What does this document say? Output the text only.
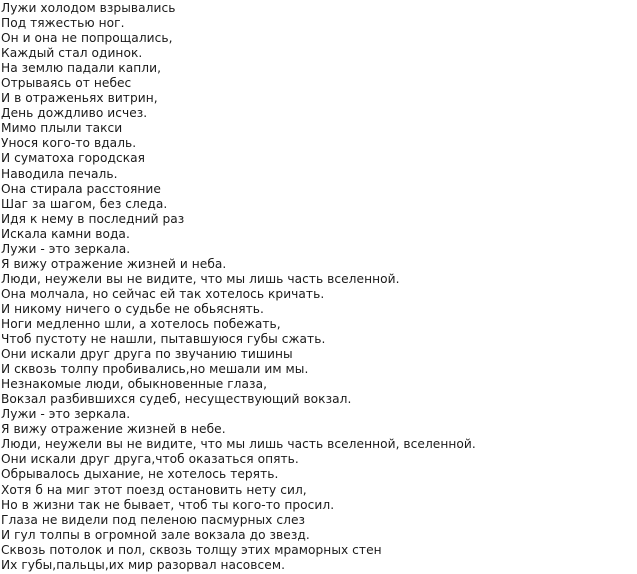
Лужи холодом взрывались
Под тяжестью ног.
Он и она не попрощались,
Каждый стал одинок.
На землю падали капли,
Отрываясь от небес
И в отраженьях витрин,
День дождливо исчез.
Мимо плыли такси
Унося кого-то вдаль.
И суматоха городская
Наводила печаль.
Она стирала расстояние
Шаг за шагом, без следа.
Идя к нему в последний раз
Искала камни вода.
Лужи - это зеркала.
Я вижу отражение жизней и неба.
Люди, неужели вы не видите, что мы лишь часть вселенной.
Она молчала, но сейчас ей так хотелось кричать.
И никому ничего о судьбе не обьяснять.
Ноги медленно шли, а хотелось побежать,
Чтоб пустоту не нашли, пытавшуюся губы сжать.
Они искали друг друга по звучанию тишины
И сквозь толпу пробивались,но мешали им мы.
Незнакомые люди, обыкновенные глаза,
Вокзал разбившихся судеб, несуществующий вокзал.
Лужи - это зеркала.
Я вижу отражение жизней в небе.
Люди, неужели вы не видите, что мы лишь часть вселенной, вселенной.
Они искали друг друга,чтоб оказаться опять.
Обрывалось дыхание, не хотелось терять.
Хотя б на миг этот поезд остановить нету сил,
Но в жизни так не бывает, чтоб ты кого-то просил.
Глаза не видели под пеленою пасмурных слез
И гул толпы в огромной зале вокзала до звезд.
Сквозь потолок и пол, сквозь толщу этих мраморных стен
Их губы,пальцы,их мир разорвал насовсем.
